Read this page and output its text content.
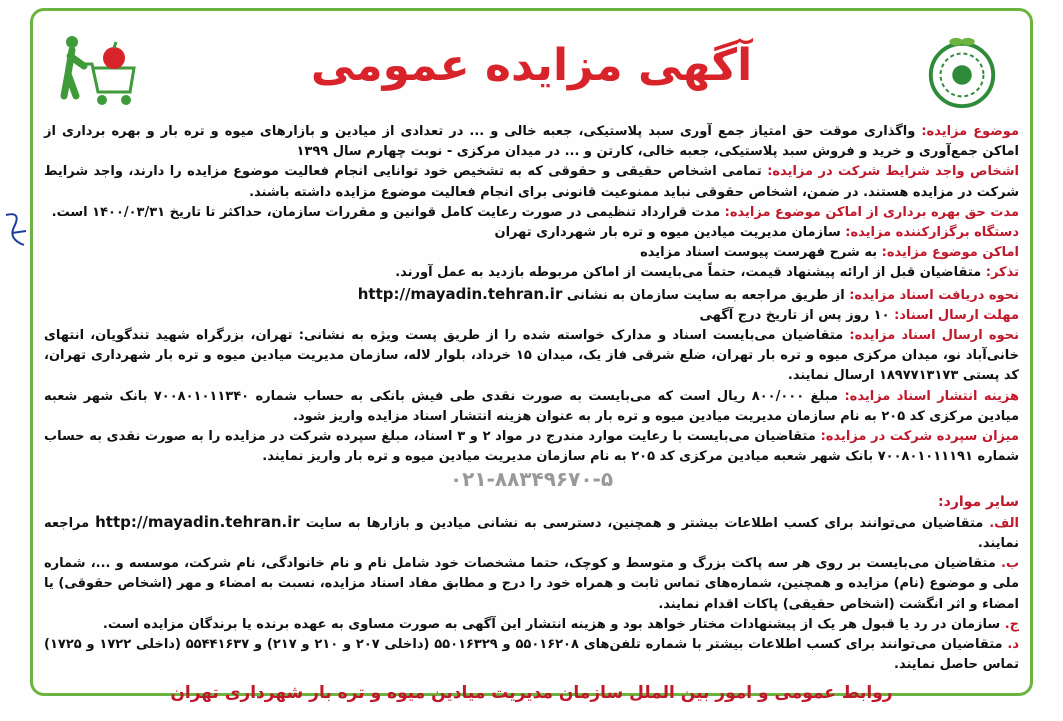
آگهی مزایده عمومی

موضوع مزایده: واگذاری موقت حق امتیاز جمع آوری سبد پلاستیکی، جعبه خالی و ... در تعدادی از میادین و بازارهای میوه و تره بار و بهره برداری از اماکن جمع‌آوری و خرید و فروش سبد پلاستیکی، جعبه خالی، کارتن و ... در میدان مرکزی - نوبت چهارم سال ۱۳۹۹

اشخاص واجد شرایط شرکت در مزایده: تمامی اشخاص حقیقی و حقوقی که به تشخیص خود توانایی انجام فعالیت موضوع مزایده را دارند، واجد شرایط شرکت در مزایده هستند. در ضمن، اشخاص حقوقی نباید ممنوعیت قانونی برای انجام فعالیت موضوع مزایده داشته باشند.

مدت حق بهره برداری از اماکن موضوع مزایده: مدت قرارداد تنظیمی در صورت رعایت کامل قوانین و مقررات سازمان، حداکثر تا تاریخ ۱۴۰۰/۰۳/۳۱ است.

دستگاه برگزارکننده مزایده: سازمان مدیریت میادین میوه و تره بار شهرداری تهران

اماکن موضوع مزایده: به شرح فهرست پیوست اسناد مزایده

تذکر: متقاضیان قبل از ارائه پیشنهاد قیمت، حتماً می‌بایست از اماکن مربوطه بازدید به عمل آورند.

نحوه دریافت اسناد مزایده: از طریق مراجعه به سایت سازمان به نشانی http://mayadin.tehran.ir

مهلت ارسال اسناد: ۱۰ روز پس از تاریخ درج آگهی

نحوه ارسال اسناد مزایده: متقاضیان می‌بایست اسناد و مدارک خواسته شده را از طریق پست ویژه به نشانی: تهران، بزرگراه شهید تندگویان، انتهای خانی‌آباد نو، میدان مرکزی میوه و تره بار تهران، ضلع شرقی فاز یک، میدان ۱۵ خرداد، بلوار لاله، سازمان مدیریت میادین میوه و تره بار شهرداری تهران، کد پستی ۱۸۹۷۷۱۳۱۷۳ ارسال نمایند.

هزینه انتشار اسناد مزایده: مبلغ ۸۰۰/۰۰۰ ریال است که می‌بایست به صورت نقدی طی فیش بانکی به حساب شماره ۷۰۰۸۰۱۰۱۱۳۴۰ بانک شهر شعبه میادین مرکزی کد ۲۰۵ به نام سازمان مدیریت میادین میوه و تره بار به عنوان هزینه انتشار اسناد مزایده واریز شود.

میزان سپرده شرکت در مزایده: متقاضیان می‌بایست با رعایت موارد مندرج در مواد ۲ و ۳ اسناد، مبلغ سپرده شرکت در مزایده را به صورت نقدی به حساب شماره ۷۰۰۸۰۱۰۱۱۱۹۱ بانک شهر شعبه میادین مرکزی کد ۲۰۵ به نام سازمان مدیریت میادین میوه و تره بار واریز نمایند.

۰۲۱-۸۸۳۴۹۶۷۰-۵

سایر موارد:

الف. متقاضیان می‌توانند برای کسب اطلاعات بیشتر و همچنین، دسترسی به نشانی میادین و بازارها به سایت http://mayadin.tehran.ir مراجعه نمایند.

ب. متقاضیان می‌بایست بر روی هر سه پاکت بزرگ و متوسط و کوچک، حتما مشخصات خود شامل نام و نام خانوادگی، نام شرکت، موسسه و ...، شماره ملی و موضوع (نام) مزایده و همچنین، شماره‌های تماس ثابت و همراه خود را درج و مطابق مفاد اسناد مزایده، نسبت به امضاء و مهر (اشخاص حقوقی) یا امضاء و اثر انگشت (اشخاص حقیقی) پاکات اقدام نمایند.

ج. سازمان در رد یا قبول هر یک از پیشنهادات مختار خواهد بود و هزینه انتشار این آگهی به صورت مساوی به عهده برنده یا برندگان مزایده است.

د. متقاضیان می‌توانند برای کسب اطلاعات بیشتر با شماره تلفن‌های ۵۵۰۱۶۲۰۸ و ۵۵۰۱۶۳۲۹ (داخلی ۲۰۷ و ۲۱۰ و ۲۱۷) و ۵۵۴۴۱۶۳۷ (داخلی ۱۷۲۲ و ۱۷۲۵) تماس حاصل نمایند.

روابط عمومی و امور بین الملل سازمان مدیریت میادین میوه و تره بار شهرداری تهران
